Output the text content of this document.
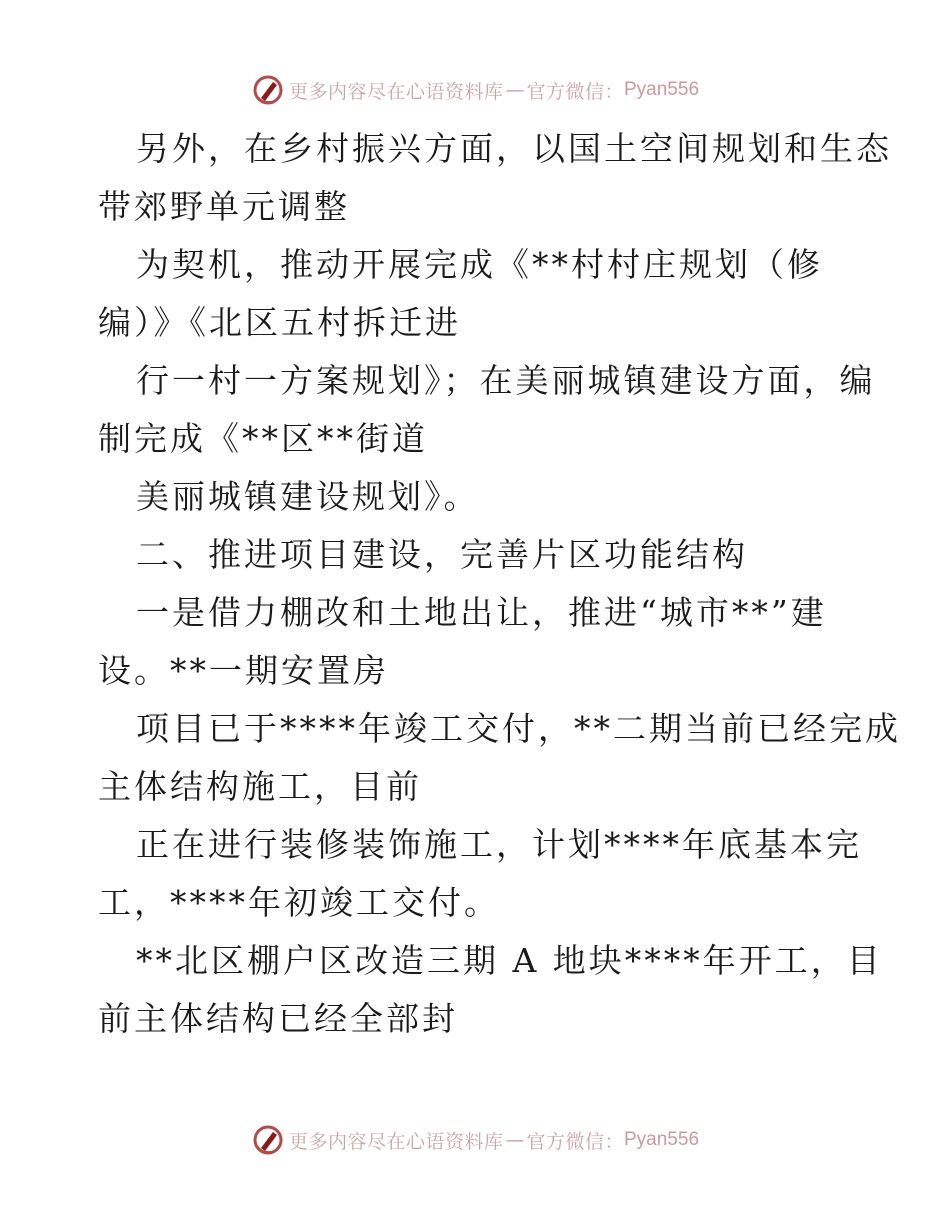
更多内容尽在心语资料库 — 官方微信： Pyan556
另外，在乡村振兴方面，以国土空间规划和生态
带郊野单元调整
为契机，推动开展完成《**村村庄规划（修
编）》《北区五村拆迁进
行一村一方案规划》；在美丽城镇建设方面，编
制完成《**区**街道
美丽城镇建设规划》。
二、推进项目建设，完善片区功能结构
一是借力棚改和土地出让，推进“城市**”建
设。**一期安置房
项目已于****年竣工交付，**二期当前已经完成
主体结构施工，目前
正在进行装修装饰施工，计划****年底基本完
工，****年初竣工交付。
**北区棚户区改造三期 A 地块****年开工，目
前主体结构已经全部封
更多内容尽在心语资料库 — 官方微信： Pyan556
